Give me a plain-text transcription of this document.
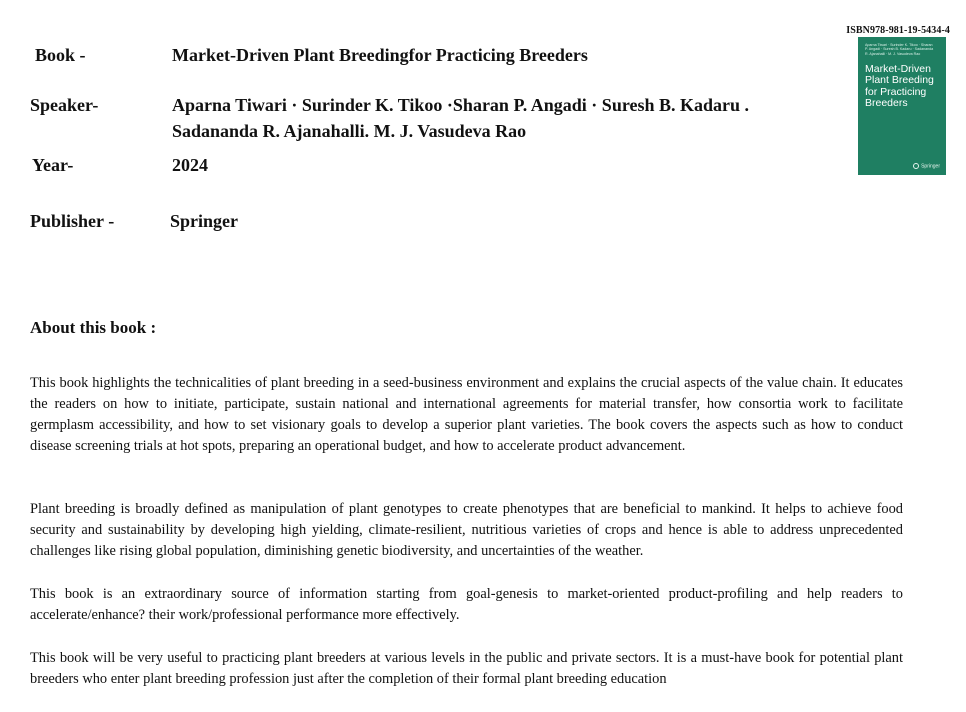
ISBN978-981-19-5434-4
Book -	Market-Driven Plant Breedingfor Practicing Breeders
Speaker-	Aparna Tiwari · Surinder K. Tikoo ·Sharan P. Angadi · Suresh B. Kadaru .
Sadananda R. Ajanahalli. M. J. Vasudeva Rao
Year-	2024
Publisher -	Springer
Aparna Tiwari · Surinder K. Tikoo · Sharan P. Angadi · Suresh B. Kadaru · Sadananda R. Ajanahalli · M. J. Vasudeva Rao
Market-Driven Plant Breeding for Practicing Breeders
Springer
About this book :

This book highlights the technicalities of plant breeding in a seed-business environment and explains the crucial aspects of the value chain. It educates the readers on how to initiate, participate, sustain national and international agreements for material transfer, how consortia work to facilitate germplasm accessibility, and how to set visionary goals to develop a superior plant varieties. The book covers the aspects such as how to conduct disease screening trials at hot spots, preparing an operational budget, and how to accelerate product advancement.

Plant breeding is broadly defined as manipulation of plant genotypes to create phenotypes that are beneficial to mankind. It helps to achieve food security and sustainability by developing high yielding, climate-resilient, nutritious varieties of crops and hence is able to address unprecedented challenges like rising global population, diminishing genetic biodiversity, and uncertainties of the weather.

This book is an extraordinary source of information starting from goal-genesis to market-oriented product-profiling and help readers to accelerate/enhance? their work/professional performance more effectively.

This book will be very useful to practicing plant breeders at various levels in the public and private sectors. It is a must-have book for potential plant breeders who enter plant breeding profession just after the completion of their formal plant breeding education
